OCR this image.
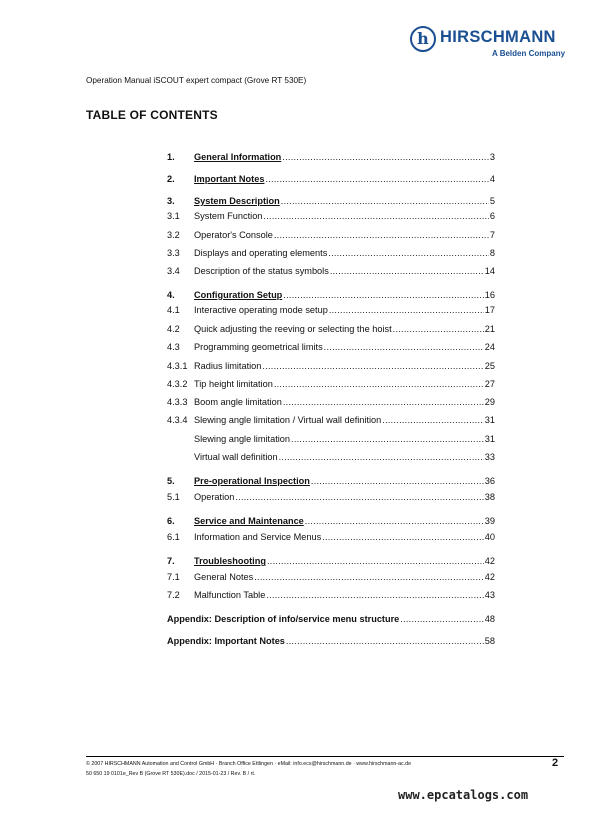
h HIRSCHMANN
A Belden Company
Operation Manual iSCOUT expert compact (Grove RT 530E)
TABLE OF CONTENTS
1.	General Information .....	3
2.	Important Notes .....	4
3.	System Description .....	5
3.1	System Function .....	6
3.2	Operator's Console .....	7
3.3	Displays and operating elements .....	8
3.4	Description of the status symbols .....	14
4.	Configuration Setup .....	16
4.1	Interactive operating mode setup .....	17
4.2	Quick adjusting the reeving or selecting the hoist .....	21
4.3	Programming geometrical limits .....	24
4.3.1 Radius limitation .....	25
4.3.2 Tip height limitation .....	27
4.3.3 Boom angle limitation .....	29
4.3.4 Slewing angle limitation / Virtual wall definition .....	31
Slewing angle limitation .....	31
Virtual wall definition .....	33
5.	Pre-operational Inspection .....	36
5.1	Operation .....	38
6.	Service and Maintenance .....	39
6.1	Information and Service Menus .....	40
7.	Troubleshooting .....	42
7.1	General Notes .....	42
7.2	Malfunction Table .....	43
Appendix: Description of info/service menu structure .....	48
Appendix: Important Notes .....	58
© 2007 HIRSCHMANN Automation and Control GmbH · Branch Office Ettlingen · eMail: info.ecs@hirschmann.de · www.hirschmann-ac.de
50 650 19 0101e_Rev B (Grove RT 530E).doc / 2015-01-23 / Rev. B / rt.
2
www.epcatalogs.com
